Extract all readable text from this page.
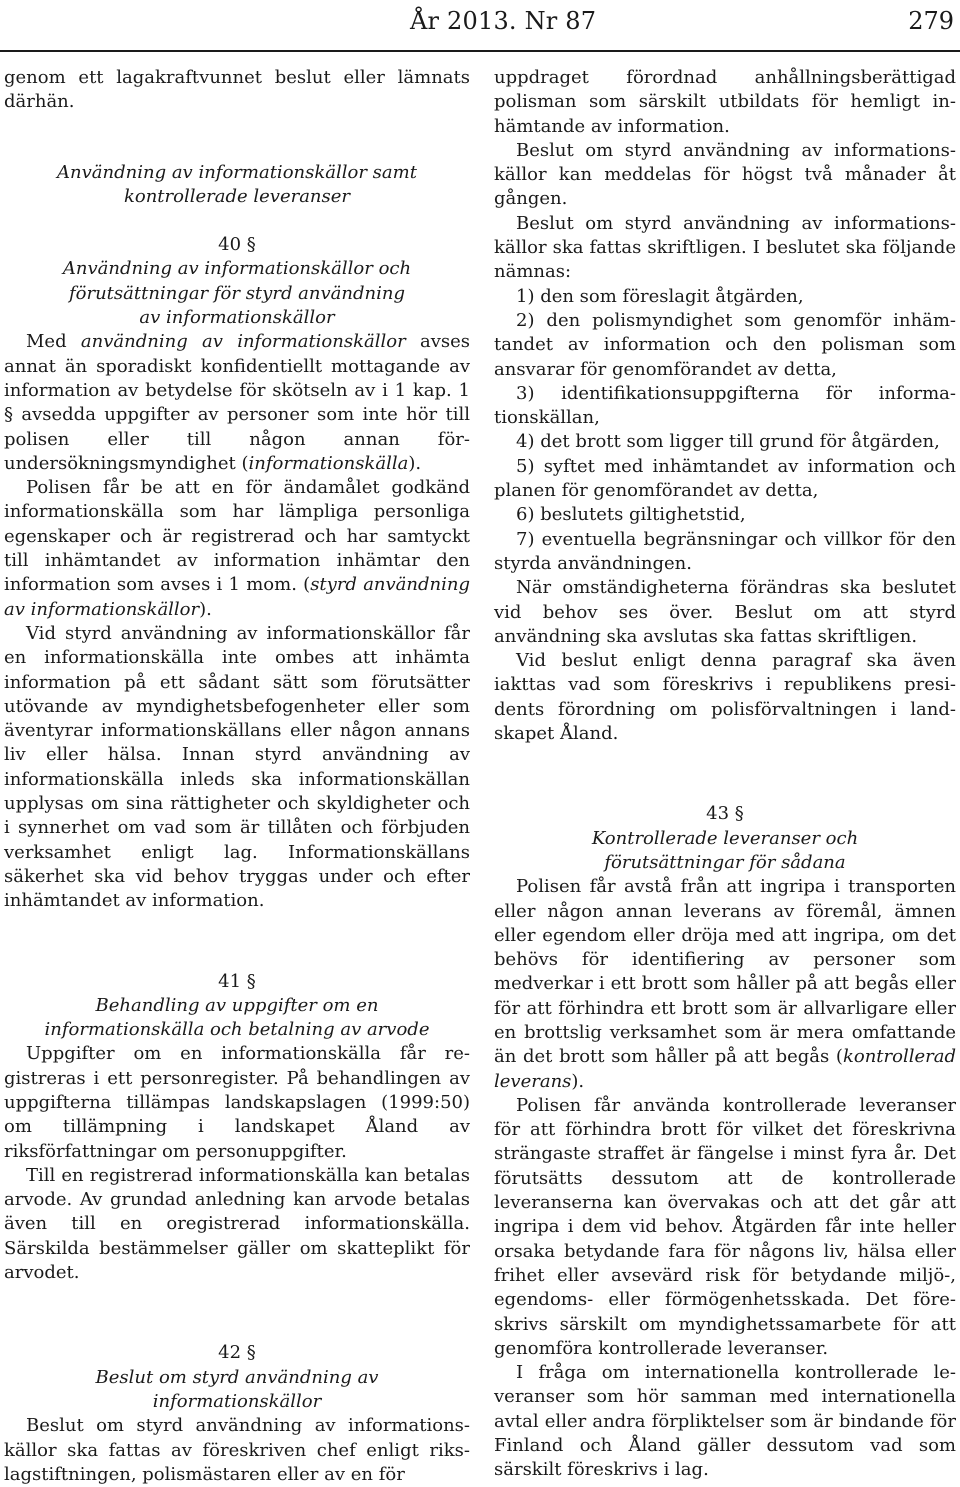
År 2013. Nr 87	279

genom ett lagakraftvunnet beslut eller lämnats därhän.

Användning av informationskällor samt

kontrollerade leveranser

40 §

Användning av informationskällor och

förutsättningar för styrd användning

av informationskällor

Med användning av informationskällor avses annat än sporadiskt konfidentiellt mottagande av information av betydelse för skötseln av i 1 kap. 1 § avsedda uppgifter av personer som inte hör till polisen eller till någon annan förundersökningsmyndighet (informationskälla).

Polisen får be att en för ändamålet godkänd informationskälla som har lämpliga personliga egenskaper och är registrerad och har samtyckt till inhämtandet av information inhämtar den information som avses i 1 mom. (styrd användning av informationskällor).

Vid styrd användning av informationskällor får en informationskälla inte ombes att inhämta information på ett sådant sätt som förutsätter utövande av myndighetsbefogenheter eller som äventyrar informationskällans eller någon annans liv eller hälsa. Innan styrd användning av informationskälla inleds ska informationskällan upplysas om sina rättigheter och skyldigheter och i synnerhet om vad som är tillåten och förbjuden verksamhet enligt lag. Informationskällans säkerhet ska vid behov tryggas under och efter inhämtandet av information.

41 §

Behandling av uppgifter om en

informationskälla och betalning av arvode

Uppgifter om en informationskälla får registreras i ett personregister. På behandlingen av uppgifterna tillämpas landskapslagen (1999:50) om tillämpning i landskapet Åland av riksförfattningar om personuppgifter.

Till en registrerad informationskälla kan betalas arvode. Av grundad anledning kan arvode betalas även till en oregistrerad informationskälla. Särskilda bestämmelser gäller om skatteplikt för arvodet.

42 §

Beslut om styrd användning av

informationskällor

Beslut om styrd användning av informationskällor ska fattas av föreskriven chef enligt rikslagstiftningen, polismästaren eller av en för

uppdraget förordnad anhållningsberättigad polisman som särskilt utbildats för hemligt inhämtande av information.

Beslut om styrd användning av informationskällor kan meddelas för högst två månader åt gången.

Beslut om styrd användning av informationskällor ska fattas skriftligen. I beslutet ska följande nämnas:

1) den som föreslagit åtgärden,

2) den polismyndighet som genomför inhämtandet av information och den polisman som ansvarar för genomförandet av detta,

3) identifikationsuppgifterna för informationskällan,

4) det brott som ligger till grund för åtgärden,

5) syftet med inhämtandet av information och planen för genomförandet av detta,

6) beslutets giltighetstid,

7) eventuella begränsningar och villkor för den styrda användningen.

När omständigheterna förändras ska beslutet vid behov ses över. Beslut om att styrd användning ska avslutas ska fattas skriftligen.

Vid beslut enligt denna paragraf ska även iakttas vad som föreskrivs i republikens presidents förordning om polisförvaltningen i landskapet Åland.

43 §

Kontrollerade leveranser och

förutsättningar för sådana

Polisen får avstå från att ingripa i transporten eller någon annan leverans av föremål, ämnen eller egendom eller dröja med att ingripa, om det behövs för identifiering av personer som medverkar i ett brott som håller på att begås eller för att förhindra ett brott som är allvarligare eller en brottslig verksamhet som är mera omfattande än det brott som håller på att begås (kontrollerad leverans).

Polisen får använda kontrollerade leveranser för att förhindra brott för vilket det föreskrivna strängaste straffet är fängelse i minst fyra år. Det förutsätts dessutom att de kontrollerade leveranserna kan övervakas och att det går att ingripa i dem vid behov. Åtgärden får inte heller orsaka betydande fara för någons liv, hälsa eller frihet eller avsevärd risk för betydande miljö-, egendoms- eller förmögenhetsskada. Det föreskrivs särskilt om myndighetssamarbete för att genomföra kontrollerade leveranser.

I fråga om internationella kontrollerade leveranser som hör samman med internationella avtal eller andra förpliktelser som är bindande för Finland och Åland gäller dessutom vad som särskilt föreskrivs i lag.
